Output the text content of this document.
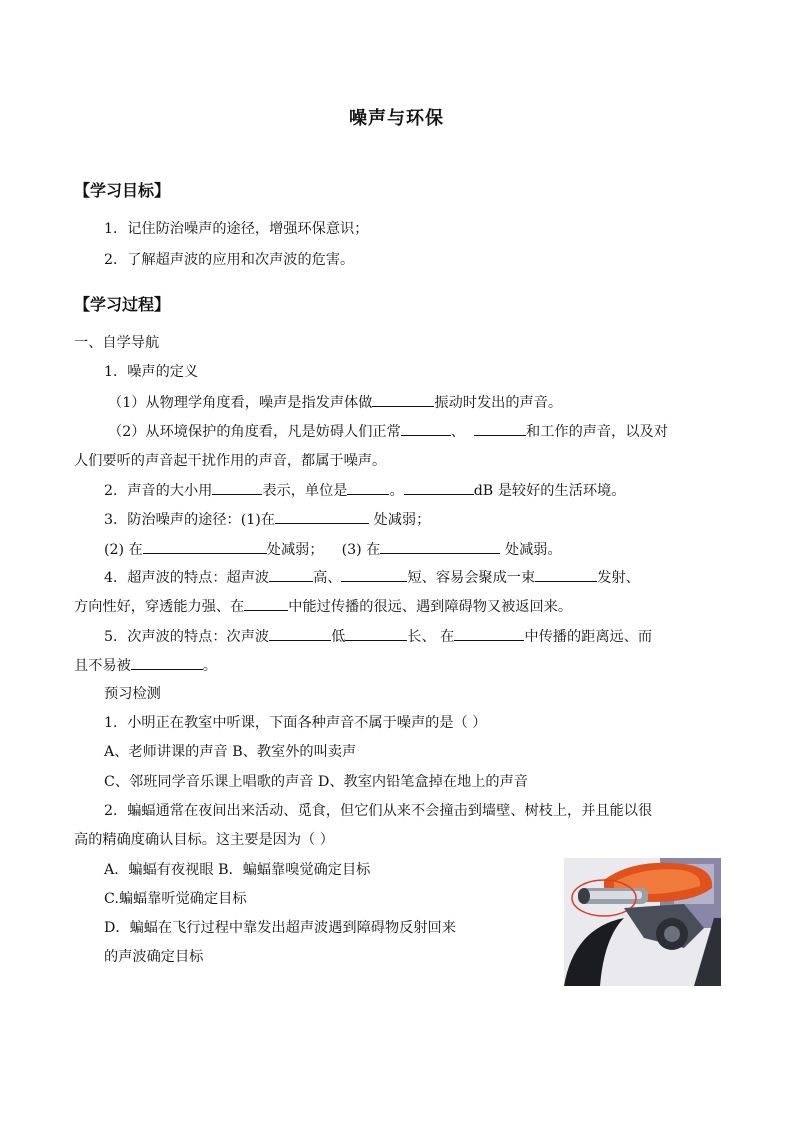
噪声与环保
【学习目标】
1．记住防治噪声的途径，增强环保意识；
2．了解超声波的应用和次声波的危害。
【学习过程】
一、自学导航
1．噪声的定义
（1）从物理学角度看，噪声是指发声体做	振动时发出的声音。
（2）从环境保护的角度看，凡是妨碍人们正常	、	和工作的声音，以及对
人们要听的声音起干扰作用的声音，都属于噪声。
2．声音的大小用	表示，单位是	。	dB 是较好的生活环境。
3．防治噪声的途径：(1)在	处减弱；
(2) 在	处减弱； (3) 在	处减弱。
4．超声波的特点：超声波	高、	短、容易会聚成一束	发射、
方向性好，穿透能力强、在	中能过传播的很远、遇到障碍物又被返回来。
5．次声波的特点：次声波	低	长、 在	中传播的距离远、而
且不易被	。
预习检测
1．小明正在教室中听课，下面各种声音不属于噪声的是（ ）
A、老师讲课的声音 B、教室外的叫卖声
C、邻班同学音乐课上唱歌的声音 D、教室内铅笔盒掉在地上的声音
2．蝙蝠通常在夜间出来活动、觅食，但它们从来不会撞击到墙壁、树枝上，并且能以很
高的精确度确认目标。这主要是因为（ ）
A．蝙蝠有夜视眼 B．蝙蝠靠嗅觉确定目标
C.蝙蝠靠听觉确定目标
D．蝙蝠在飞行过程中靠发出超声波遇到障碍物反射回来
的声波确定目标
